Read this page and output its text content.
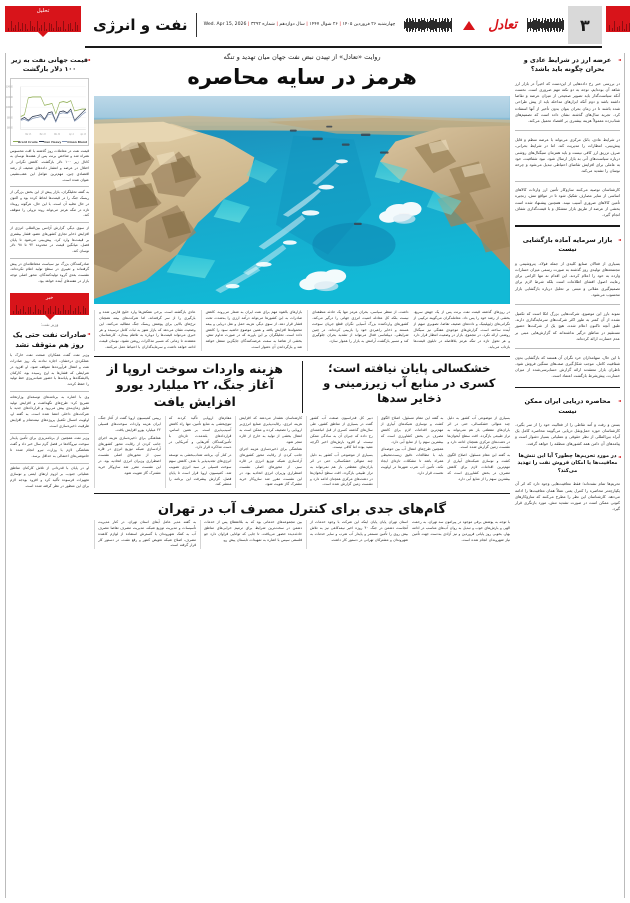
تحلیل
نفت و انرژی	چهارشنبه ۲۶ فروردین ۱۴۰۵|۲۶ شوال ۱۴۴۷|سال دوازدهم|شماره ۳۲۹۲|Wed. Apr 15, 2026	تعادل	۳
◄ قیمت جهانی نفت به زیر ۱۰۰ دلار بازگشت
$140.00
$120.00
$100.00
$80.00
$60.00
15. Mar	23. Mar	30. Mar	6. Apr	13. Apr
Brent Crude	Iran Heavy	Oman Blend
قیمت نفت در معاملات روز گذشته با افت محسوس همراه شد و شاخص برنت پس از هفته‌ها نوسان به کانال زیر ۱۰۰ دلار بازگشت. کاهش نگرانی از اختلال در عرضه و انتشار داده‌های ضعیف از رشد اقتصادی چین، مهم‌ترین عوامل این عقب‌نشینی عنوان شده است.
به گفته تحلیلگران، بازار پیش از این بخش بزرگی از ریسک جنگ را در قیمت‌ها لحاظ کرده بود و اکنون در حال تخلیه آن است. با این حال، هرگونه رویداد تازه در تنگه هرمز می‌تواند روند نزولی را متوقف کند.
از سوی دیگر، گزارش آژانس بین‌المللی انرژی از افزایش ذخایر تجاری کشورهای عضو، فشار بیشتری بر قیمت‌ها وارد کرد. پیش‌بینی می‌شود تا پایان فصل، میانگین قیمت در محدوده ۹۲ تا ۹۸ دلار نوسان کند.
صادرکنندگان بزرگ نیز سیاست محتاطانه‌ای در پیش گرفته‌اند و تغییری در سطح تولید اعلام نکرده‌اند. نشست بعدی گروه تولیدکنندگان، محور اصلی توجه بازار در هفته‌های آینده خواهد بود.
خبر
وزیر نفت:
◄ صادرات نفت حتی یک روز هم متوقف نشد
وزیر نفت گفت همکاران صنعت نفت خارک با عملکردی درخشان، اجازه ندادند یک روز صادرات نفت و انتقال فرآورده‌ها متوقف شود. او افزود در شرایطی که فشارها به اوج رسیده بود، کارکنان پالایشگاه‌ها و پایانه‌ها با حضور شبانه‌روزی خط تولید را حفظ کردند.
وی با اشاره به برنامه‌های توسعه‌ای وزارتخانه تصریح کرد: طرح‌های نگهداشت و افزایش تولید طبق زمان‌بندی پیش می‌رود و قراردادهای جدید با شرکت‌های داخلی امضا شده است. به گفته او، اولویت امسال تکمیل پروژه‌های نیمه‌تمام و افزایش ظرفیت ذخیره‌سازی است.
وزیر نفت همچنین از برنامه‌ریزی برای تأمین پایدار سوخت نیروگاه‌ها در فصل گرم سال خبر داد و گفت هماهنگی لازم با وزارت نیرو انجام شده تا خاموشی‌های احتمالی به حداقل برسد.
او در پایان با قدردانی از تلاش کارکنان مناطق عملیاتی جنوب، بر لزوم ارتقای ایمنی و نوسازی تجهیزات فرسوده تأکید کرد و افزود بودجه لازم برای این منظور در نظر گرفته شده است.
روایت «تعادل» از تپیدن نبض نفت جهان میان تهدید و تنگه
هرمز در سایه محاصره
عادی بازگشته است. برخی نفتکش‌ها وارد خلیج فارس شده و بارگیری را از سر گرفته‌اند، اما شرکت‌های بیمه همچنان نرخ‌های بالایی برای پوشش ریسک جنگ مطالبه می‌کنند. این وضعیت نشان می‌دهد که بازار هنوز به ثبات کامل نرسیده و هر خبری می‌تواند قیمت‌ها را دوباره به تلاطم بیندازد. کارشناسان معتقدند تا زمانی که مسیر مذاکرات روشن نشود، نوسان قیمت ادامه خواهد داشت و سرمایه‌گذاران با احتیاط عمل می‌کنند.
بازارهای بالقوه مهم برای نفت ایران به شمار می‌روند. کاهش صادرات به این کشورها می‌تواند درآمد ارزی را به‌شدت تحت فشار قرار دهد. از سوی دیگر، هزینه حمل و نقل دریایی و بیمه محموله‌ها افزایش یافته و همین موضوع حاشیه سود را کاهش داده است. تحلیلگران بر این باورند که در صورت تداوم تنش، بخشی از تقاضا به سمت عرضه‌کنندگان جایگزین منتقل خواهد شد و بازگرداندن آن دشوار است.
داشت. از منظر سیاسی، بحران هرمز تنها یک حادثه منطقه‌ای نیست بلکه کل معادله امنیت انرژی جهانی را درگیر می‌کند. کشورهای واردکننده بزرگ آسیایی نگران قطع جریان سوخت هستند و ذخایر راهبردی خود را بازبینی کرده‌اند. در چنین شرایطی، دیپلماسی فعال می‌تواند از تشدید بحران جلوگیری کند و مسیر بازگشت آرامش به بازار را هموار سازد.
در روزهای گذشته قیمت نفت برنت پس از یک جهش سریع، بخشی از رشد خود را پس داد. معامله‌گران می‌گویند ترکیبی از نگرانی‌های ژئوپلیتیک و داده‌های ضعیف تقاضا، تصویری مبهم از آینده ساخته است. گزارش‌های موجودی هفتگی نیز سیگنال روشنی ارائه نکرد. در مجموع، بازار در وضعیت انتظار قرار دارد و هر تحول تازه در تنگه هرمز بلافاصله در تابلوی قیمت‌ها بازتاب می‌یابد.
هزینه واردات سوخت اروپا از آغاز جنگ، ۲۲ میلیارد یورو افزایش یافت
خشکسالی پایان نیافته است؛ کسری در منابع آب زیرزمینی و ذخایر سدها
رییس کمیسیون اروپا گفت از آغاز جنگ، ایران هزینه واردات سوخت‌های فسیلی ۲۲ میلیارد یورو افزایش یافت.
هماهنگی برای ذخیره‌سازی هزینه اجرای جانب کردن از رقابت محور کشورهای آزادسازی شبکه توزیع انرژی در قاره سبز، از محورهای اصلی نشست اضطراری وزیران انرژی اتحادیه بود. در این نشست مقرر شد سازوکار خرید مشترک گاز تقویت شود.
مقام‌های اروپایی تأکید کردند که تنوع‌بخشی به منابع تأمین، تنها راه کاهش آسیب‌پذیری است. بر همین اساس، قراردادهای بلندمدت تازه‌ای با تأمین‌کنندگان آفریقایی و آمریکایی در دست مذاکره قرار دارد.
در کنار آن، برنامه شتاب‌بخشی به توسعه انرژی‌های تجدیدپذیر با هدف کاهش سهم سوخت فسیلی در سبد انرژی تصویب شد. کمیسیون اروپا قرار است تا پایان فصل، گزارش پیشرفت این برنامه را منتشر کند.
کارشناسان هشدار می‌دهند که افزایش هزینه انرژی، رقابت‌پذیری صنایع انرژی‌بر اروپایی را تضعیف کرده و ممکن است به انتقال بخشی از تولید به خارج از قاره منجر شود.
هماهنگی برای ذخیره‌سازی هزینه اجرای جانب کردن از رقابت محور کشورهای آزادسازی شبکه توزیع انرژی در قاره سبز، از محورهای اصلی نشست اضطراری وزیران انرژی اتحادیه بود. در این نشست مقرر شد سازوکار خرید مشترک گاز تقویت شود.
دبیر کل فدراسیون صنعت آب کشور گفت در بسیاری از مناطق کشور، طی سال‌های گذشته کسری از قبل انباشته‌ای رخ داده که جبران آن به سادگی ممکن نیست. او افزود بارش‌های اخیر اگرچه مفید بوده اما کافی نیست.
بسیاری از موضوعی آب کشور به دلیل چند متوالی خشکسالی، حتی در اثر باران‌های مقطعی باز هم نمی‌تواند به تراز طبیعی بازگردد. افت سطح آبخوان‌ها در دشت‌های مرکزی همچنان ادامه دارد و نشست زمین گزارش شده است.
به گفته این مقام مسئول، اصلاح الگوی کشت و نوسازی شبکه‌های آبیاری از مهم‌ترین اقدامات لازم برای کاهش مصرف در بخش کشاورزی است که بیشترین سهم را از منابع آبی دارد.
همچنین طرح‌های انتقال آب بین حوضه‌ای باید با مطالعات دقیق زیست‌محیطی همراه باشد تا مشکلات تازه‌ای ایجاد نکند. تأمین آب شرب شهرها در اولویت نخست قرار دارد.
بسیاری از موضوعی آب کشور به دلیل چند متوالی خشکسالی، حتی در اثر باران‌های مقطعی باز هم نمی‌تواند به تراز طبیعی بازگردد. افت سطح آبخوان‌ها در دشت‌های مرکزی همچنان ادامه دارد و نشست زمین گزارش شده است.
به گفته این مقام مسئول، اصلاح الگوی کشت و نوسازی شبکه‌های آبیاری از مهم‌ترین اقدامات لازم برای کاهش مصرف در بخش کشاورزی است که بیشترین سهم را از منابع آبی دارد.
گام‌های جدی برای کنترل مصرف آب در تهران
به گفته مدیر عامل آبفای استان تهران، در کنار مدیریت تأسیسات و مدیریت توزیع شبکه، مدیریت مصرف تقاضا مصرف آب به کمک شهروندان با گسترش استفاده از لوازم کاهنده مصرف، اصلاح شبکه تعویض کنتور و رفع نشت، در دستور کار قرار گرفته است.
بین مجموعه‌های خدماتی بود که به بلاانقطاع پس از خدمات دشمن در سخت‌ترین شرایط برای ترمیم خرابی‌های مناطق حادثه‌دیده حضور می‌یافت. تا جایی که توانایی فراوان دارد جو فلسفی سپس با اشاره به تمهیدات تابستان پیش رو.
استان تهران پایان پایان اینکه این شرکت با وجود خدمات از آنجاست دشمن در جنگ ۴۰ روزه اخیر نیمه‌کاهی نیز به تلاش بیش روی را تأمین مستمر و پایدار آب شرب و سایر خدمات به شهروندان و مشترکان تهرانی در دستور کار داشت.
با توجه به پوشش برفی موجود در پیرامون سد تهران، به رحمت الهی و بارش‌های خوب و تبدیل به روان آب‌های مناسب در ادامه بهار، بخوبی روز پایانی فروردین و نیز آزادی به‌دست جهت تأمین نیاز شهروندان انجام شده است.
◄ عرضه ارز در شرایط عادی و بحران چگونه باید باشد؟
در بررسی خبر رخ داده‌هایی از این‌دست که اخیراً در بازار ارز شاهد آن بوده‌ایم، توجه به دو نکته مهم ضروری است. نخست آنکه سیاست‌گذار باید تصویر صحیحی از میزان عرضه و تقاضا داشته باشد و دوم آنکه ابزارهای مداخله باید از پیش طراحی شده باشند تا در زمان بحران بتوان بدون تأخیر از آنها استفاده کرد. تجربه سال‌های گذشته نشان داده است که تصمیم‌های شتاب‌زده معمولاً هزینه بیشتری بر اقتصاد تحمیل می‌کند.
در شرایط عادی، بانک مرکزی می‌تواند با عرضه منظم و قابل پیش‌بینی، انتظارات را مدیریت کند. اما در شرایط بحرانی، صرف تزریق ارز کافی نیست و باید همزمان سیگنال‌های روشنی درباره سیاست‌های آتی به بازار ارسال شود. نبود شفافیت، خود به عاملی برای افزایش تقاضای احتیاطی تبدیل می‌شود و چرخه نوسان را تشدید می‌کند.
کارشناسان توصیه می‌کنند سازوکار تأمین ارز واردات کالاهای اساسی از سایر مصارف تفکیک شود تا در مواقع تنش، زنجیره تأمین کالاهای ضروری آسیب نبیند. همچنین پیشنهاد شده است بخشی از عرضه از طریق بازار متشکل و با قیمت‌گذاری شفاف انجام گیرد.
◄ بازار سرمایه آماده بازگشایی نیست
بسیاری از فعالان صنایع کلیدی از جمله فولاد، پتروشیمی و مجتمعه‌های تولیدی روز گذشته به صورت رسمی میزان خسارات وارده به خود را اعلام کردند. این اقدام نه تنها الزامی برای رعایت اصول افشای اطلاعات است بلکه شرط لازم برای تصمیم‌گیری عقلانی و مبتنی بر تحلیل درباره بازگشایی بازار محسوب می‌شود.
نمونه بارز این موضوع، شرکت‌هایی بزرگ اتکا است که تکمیل نشده از آن کمتر به طور اکثر شرکت‌های سرمایه‌گذاری دارند. طبق آنچه تاکنون اعلام شده، هیچ یک از شرکت‌ها حضور مستقیم در مناطق درگیر نداشته‌اند که گزارش‌هایی مبنی بر عدم خسارت ارائه کرده‌اند.
با این حال، سهامداران خرد نگران آن هستند که بازگشایی بدون شفافیت کامل، موجب شکل‌گیری صف‌های سنگین فروش شود. ناظران بازار معتقدند ارائه گزارش حسابرسی‌شده از میزان خسارت، پیش‌شرط بازگشت اعتماد است.
◄ محاصره دریایی ایران ممکن نیست
بستن و رفت و آمد تقاطی را از فعالیت خود را از سر بگیرد. کارشناسان حوزه حمل‌ونقل دریایی می‌گویند محاصره کامل یک آبراه بین‌المللی از نظر حقوقی و عملیاتی بسیار دشوار است و پیامدهای آن دامن همه کشورهای منطقه را خواهد گرفت.
◄ در مورد تحریم‌ها چطور؟ آیا این تنش‌ها معافیت‌ها یا امکان فروش نفت را تهدید می‌کند؟
تحریم‌ها تمام نشده‌اند؛ فقط معافیت‌هایی وجود دارد که اثر آن یکپارچه‌تر محاصره را کنترل یعنی عملاً همان معافیت‌ها را ادامه می‌دهد. کارشناسان این نظر را مطرح می‌کنند که سازوکارهای کنونی ممکن است در صورت تشدید تنش، مورد بازنگری قرار گیرد.
